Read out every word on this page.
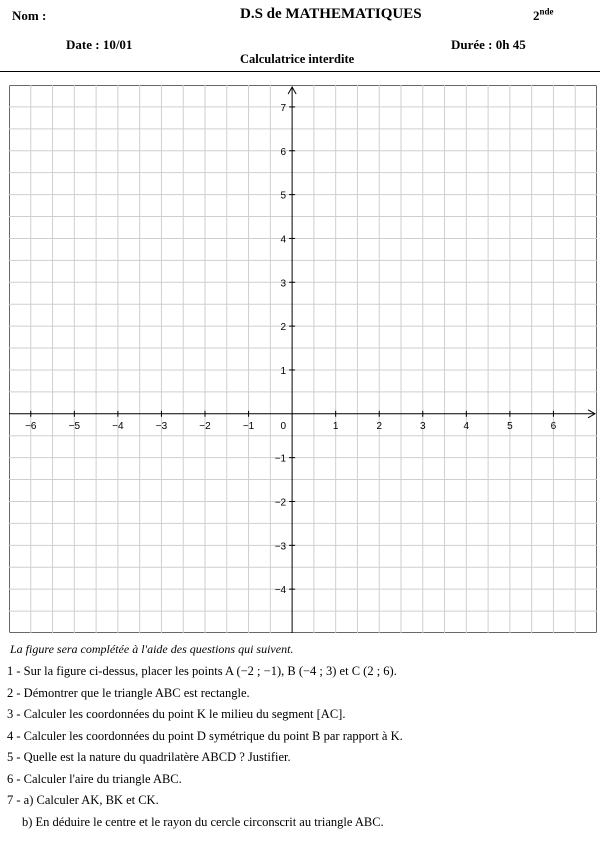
Nom :	D.S de MATHEMATIQUES	2nde
Date : 10/01	Durée : 0h 45
Calculatrice interdite
−6	−5	−4	−3	−2	−1	1	2	3	4	5	6
7
6
5
4
3
2
1
−1
−2
−3
−4
0
La figure sera complétée à l'aide des questions qui suivent.
1 - Sur la figure ci-dessus, placer les points A (−2 ; −1), B (−4 ; 3) et C (2 ; 6).
2 - Démontrer que le triangle ABC est rectangle.
3 - Calculer les coordonnées du point K le milieu du segment [AC].
4 - Calculer les coordonnées du point D symétrique du point B par rapport à K.
5 - Quelle est la nature du quadrilatère ABCD ? Justifier.
6 - Calculer l'aire du triangle ABC.
7 - a) Calculer AK, BK et CK.
b) En déduire le centre et le rayon du cercle circonscrit au triangle ABC.
